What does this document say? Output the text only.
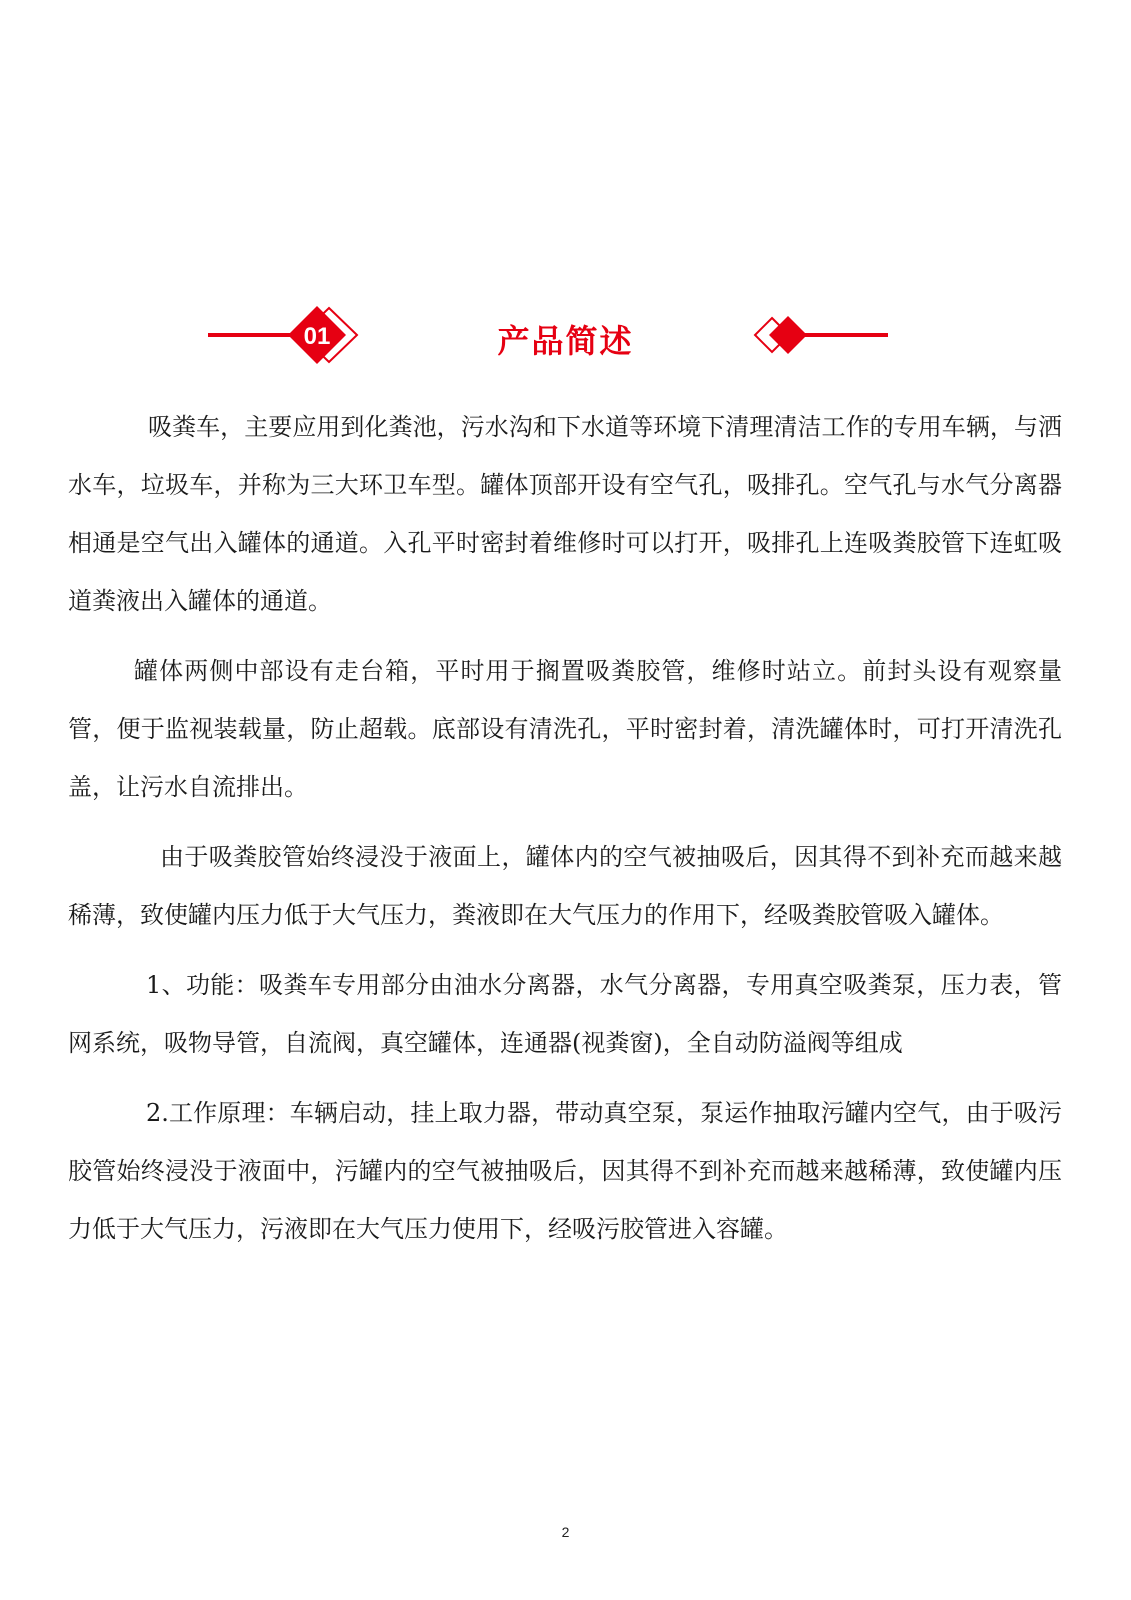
01	产品简述

吸粪车，主要应用到化粪池，污水沟和下水道等环境下清理清洁工作的专用车辆，与洒水车，垃圾车，并称为三大环卫车型。罐体顶部开设有空气孔，吸排孔。空气孔与水气分离器相通是空气出入罐体的通道。入孔平时密封着维修时可以打开，吸排孔上连吸粪胶管下连虹吸道粪液出入罐体的通道。

罐体两侧中部设有走台箱，平时用于搁置吸粪胶管，维修时站立。前封头设有观察量管，便于监视装载量，防止超载。底部设有清洗孔，平时密封着，清洗罐体时，可打开清洗孔盖，让污水自流排出。

由于吸粪胶管始终浸没于液面上，罐体内的空气被抽吸后，因其得不到补充而越来越稀薄，致使罐内压力低于大气压力，粪液即在大气压力的作用下，经吸粪胶管吸入罐体。

1、功能：吸粪车专用部分由油水分离器，水气分离器，专用真空吸粪泵，压力表，管网系统，吸物导管，自流阀，真空罐体，连通器(视粪窗)，全自动防溢阀等组成

2.工作原理：车辆启动，挂上取力器，带动真空泵，泵运作抽取污罐内空气，由于吸污胶管始终浸没于液面中，污罐内的空气被抽吸后，因其得不到补充而越来越稀薄，致使罐内压力低于大气压力，污液即在大气压力使用下，经吸污胶管进入容罐。

2
